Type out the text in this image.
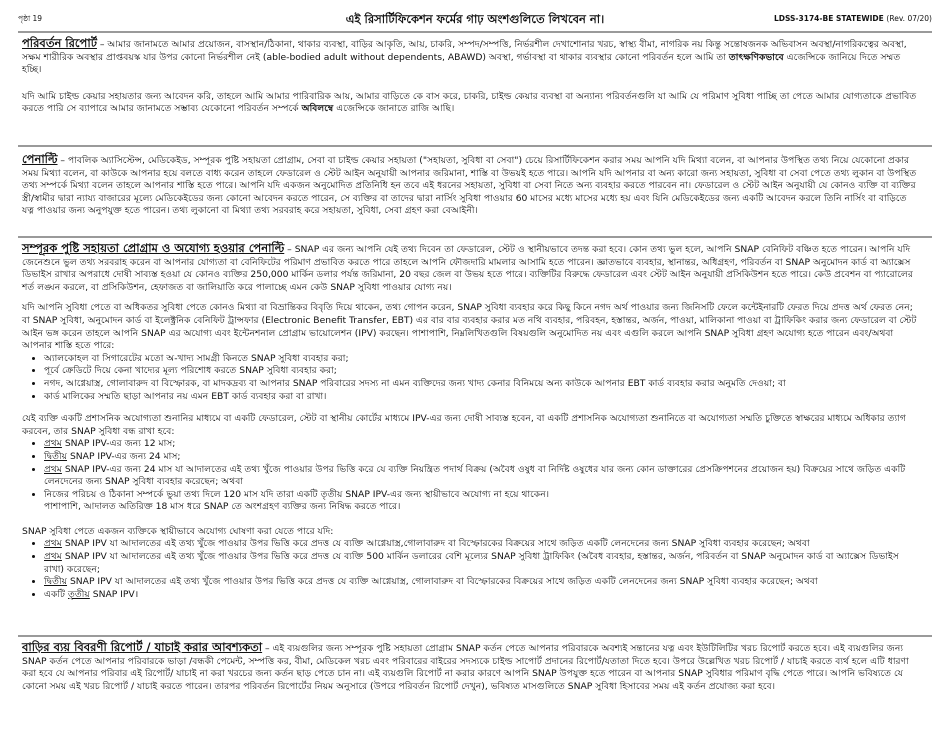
পৃষ্ঠা 19	এই রিসার্টিফিকেশন ফর্মের গাঢ় অংশগুলিতে লিখবেন না।	LDSS-3174-BE STATEWIDE (Rev. 07/20)

পরিবর্তন রিপোর্ট – আমার জানামতে আমার প্রয়োজন, বাসস্থান/ঠিকানা, থাকার ব্যবস্থা, বাড়ির আকৃতি, আয়, চাকরি, সম্পদ/সম্পত্তি, নির্ভরশীল দেখাশোনার খরচ, স্বাস্থ্য বীমা, নাগরিক নয় কিন্তু সন্তোষজনক অভিবাসন অবস্থা/নাগরিকত্বের অবস্থা, সক্ষম শারীরিক অবস্থার প্রাপ্তবয়স্ক যার উপর কোনো নির্ভরশীল নেই (able-bodied adult without dependents, ABAWD) অবস্থা, গর্ভাবস্থা বা থাকার ব্যবস্থার কোনো পরিবর্তন হলে আমি তা তাৎক্ষণিকভাবে এজেন্সিকে জানিয়ে দিতে সম্মত হচ্ছি।

যদি আমি চাইল্ড কেয়ার সহায়তার জন্য আবেদন করি, তাহলে আমি আমার পারিবারিক আয়, আমার বাড়িতে কে বাস করে, চাকরি, চাইল্ড কেয়ার ব্যবস্থা বা অন্যান্য পরিবর্তনগুলি যা আমি যে পরিমাণ সুবিধা পাচ্ছি তা পেতে আমার যোগ্যতাকে প্রভাবিত করতে পারি সে ব্যাপারে আমার জানামতে সম্ভাব্য যেকোনো পরিবর্তন সম্পর্কে অবিলম্বে এজেন্সিকে জানাতে রাজি আছি।

পেনাল্টি – পাবলিক অ্যাসিস্টেন্স, মেডিকেইড, সম্পূরক পুষ্টি সহায়তা প্রোগ্রাম, সেবা বা চাইল্ড কেয়ার সহায়তা ("সহায়তা, সুবিধা বা সেবা") চেয়ে রিসার্টিফিকেশন করার সময় আপনি যদি মিথ্যা বলেন, বা আপনার উপস্থিত তথ্য নিয়ে যেকোনো প্রকার সময় মিথ্যা বলেন, বা কাউকে আপনার হয়ে বলতে বাধ্য করেন তাহলে ফেডারেল ও স্টেট আইন অনুযায়ী আপনার জরিমানা, শাস্তি বা উভয়ই হতে পারে। আপনি যদি আপনার বা অন্য কারো জন্য সহায়তা, সুবিধা বা সেবা পেতে তথ্য লুকান বা উপস্থিত তথ্য সম্পর্কে মিথ্যা বলেন তাহলে আপনার শাস্তি হতে পারে। আপনি যদি একজন অনুমোদিত প্রতিনিধি হন তবে এই ধরনের সহায়তা, সুবিধা বা সেবা নিতে অন্য ব্যবহার করতে পারবেন না। ফেডারেল ও স্টেট আইন অনুযায়ী যে কোনও ব্যক্তি বা ব্যক্তির স্ত্রী/স্বামীর দ্বারা ন্যায্য বাজারের মূল্যে মেডিকেইডের জন্য কোনো আবেদন করতে পারেন, সে ব্যক্তির বা তাদের দ্বারা নার্সিং সুবিধা পাওয়ার 60 মাসের মধ্যে মাসের মধ্যে হয় এবং যিনি মেডিকেইডের জন্য একটি আবেদন করলে তিনি নার্সিং বা বাড়িতে যত্ন পাওয়ার জন্য অনুপযুক্ত হতে পারেন। তথ্য লুকানো বা মিথ্যা তথ্য সরবরাহ করে সহায়তা, সুবিধা, সেবা গ্রহণ করা বেআইনী।

সম্পূরক পুষ্টি সহায়তা প্রোগ্রাম ও অযোগ্য হওয়ার পেনাল্টি – SNAP এর জন্য আপনি যেই তথ্য দিবেন তা ফেডারেল, স্টেট ও স্থানীয়ভাবে তদন্ত করা হবে। কোন তথ্য ভুল হলে, আপনি SNAP বেনিফিট বঞ্চিত হতে পারেন। আপনি যদি জেনেশুনে ভুল তথ্য সরবরাহ করেন বা আপনার যোগ্যতা বা বেনিফিটের পরিমাণ প্রভাবিত করতে পারে তাহলে আপনি ফৌজদারি মামলার আসামি হতে পারেন। জ্ঞাতভাবে ব্যবহার, স্থানান্তর, অধিগ্রহণ, পরিবর্তন বা SNAP অনুমোদন কার্ড বা অ্যাক্সেস ডিভাইস রাখার অপরাধে দোষী সাব্যস্ত হওয়া যে কোনও ব্যক্তির 250,000 মার্কিন ডলার পর্যন্ত জরিমানা, 20 বছর জেল বা উভয় হতে পারে। ব্যক্তিটির বিরুদ্ধে ফেডারেল এবং স্টেট আইন অনুযায়ী প্রসিকিউশন হতে পারে। কেউ প্রবেশন বা প্যারোলের শর্ত লঙ্ঘন করলে, বা প্রসিকিউশন, হেফাজত বা জালিয়াতি করে পালাচ্ছে এমন কেউ SNAP সুবিধা পাওয়ার যোগ্য নয়।

যদি আপনি সুবিধা পেতে বা অধিকতর সুবিধা পেতে কোনও মিথ্যা বা বিভ্রান্তিকর বিবৃতি দিয়ে থাকেন, তথ্য গোপন করেন, SNAP সুবিধা ব্যবহার করে কিছু কিনে নগদ অর্থ পাওয়ার জন্য জিনিসটি ফেলে কন্টেইনারটি ফেরত দিয়ে প্রদত্ত অর্থ ফেরত নেন; বা SNAP সুবিধা, অনুমোদন কার্ড বা ইলেক্ট্রনিক বেনিফিট ট্রান্সফার (Electronic Benefit Transfer, EBT) এর বার বার ব্যবহার করার মত নথি ব্যবহার, পরিবহন, হস্তান্তর, অর্জন, পাওয়া, মালিকানা পাওয়া বা ট্রাফিকিং করার জন্য ফেডারেল বা স্টেট আইন ভঙ্গ করেন তাহলে আপনি SNAP এর অযোগ্য এবং ইন্টেনশনাল প্রোগ্রাম ভায়োলেশন (IPV) করছেন। পাশাপাশি, নিম্নলিখিতগুলি বিষয়গুলি অনুমোদিত নয় এবং এগুলি করলে আপনি SNAP সুবিধা গ্রহণ অযোগ্য হতে পারেন এবং/অথবা আপনার শাস্তি হতে পারে:

• অ্যালকোহল বা সিগারেটের মতো অ-খাদ্য সামগ্রী কিনতে SNAP সুবিধা ব্যবহার করা;
• পূর্বে ক্রেডিটে দিয়ে কেনা খাদ্যের মূল্য পরিশোধ করতে SNAP সুবিধা ব্যবহার করা;
• নগদ, আগ্নেয়াস্ত্র, গোলাবারুদ বা বিস্ফোরক, বা মাদকদ্রব্য বা আপনার SNAP পরিবারের সদস্য না এমন ব্যক্তিদের জন্য খাদ্য কেনার বিনিময়ে অন্য কাউকে আপনার EBT কার্ড ব্যবহার করার অনুমতি দেওয়া; বা
• কার্ড মালিকের সম্মতি ছাড়া আপনার নয় এমন EBT কার্ড ব্যবহার করা বা রাখা।

যেই ব্যক্তি একটি প্রশাসনিক অযোগ্যতা শুনানির মাধ্যমে বা একটি ফেডারেল, স্টেট বা স্থানীয় কোর্টের মাধ্যমে IPV-এর জন্য দোষী সাব্যস্ত হবেন, বা একটি প্রশাসনিক অযোগ্যতা শুনানিতে বা অযোগ্যতা সম্মতি চুক্তিতে স্বাক্ষরের মাধ্যমে অধিকার ত্যাগ করবেন, তার SNAP সুবিধা বন্ধ রাখা হবে:

• প্রথম SNAP IPV-এর জন্য 12 মাস;
• দ্বিতীয় SNAP IPV-এর জন্য 24 মাস;
• প্রথম SNAP IPV-এর জন্য 24 মাস যা আদালতের এই তথ্য খুঁজে পাওয়ার উপর ভিত্তি করে যে ব্যক্তি নিয়ন্ত্রিত পদার্থ বিক্রয় (অবৈধ ওষুধ বা নির্দিষ্ট ওষুধের যার জন্য কোন ডাক্তারের প্রেসক্রিপশনের প্রয়োজন হয়) বিক্রয়ের সাথে জড়িত একটি লেনদেনের জন্য SNAP সুবিধা ব্যবহার করেছেন; অথবা
• নিজের পরিচয় ও ঠিকানা সম্পর্কে ভুয়া তথ্য দিলে 120 মাস যদি তারা একটি তৃতীয় SNAP IPV-এর জন্য স্থায়ীভাবে অযোগ্য না হয়ে থাকেন।

পাশাপাশি, আদালত অতিরিক্ত 18 মাস ধরে SNAP তে অংশগ্রহণ ব্যক্তির জন্য নিষিদ্ধ করতে পারে।

SNAP সুবিধা পেতে একজন ব্যক্তিকে স্থায়ীভাবে অযোগ্য ঘোষণা করা যেতে পারে যদি:

• প্রথম SNAP IPV যা আদালতের এই তথ্য খুঁজে পাওয়ার উপর ভিত্তি করে প্রদত্ত যে ব্যক্তি আগ্নেয়াস্ত্র,গোলাবারুদ বা বিস্ফোরকের বিক্রয়ের সাথে জড়িত একটি লেনদেনের জন্য SNAP সুবিধা ব্যবহার করেছেন; অথবা
• প্রথম SNAP IPV যা আদালতের এই তথ্য খুঁজে পাওয়ার উপর ভিত্তি করে প্রদত্ত যে ব্যক্তি 500 মার্কিন ডলারের বেশি মূল্যের SNAP সুবিধা ট্রাফিকিং (অবৈধ ব্যবহার, হস্তান্তর, অর্জন, পরিবর্তন বা SNAP অনুমোদন কার্ড বা অ্যাক্সেস ডিভাইস রাখা) করেছেন;
• দ্বিতীয় SNAP IPV যা আদালতের এই তথ্য খুঁজে পাওয়ার উপর ভিত্তি করে প্রদত্ত যে ব্যক্তি আগ্নেয়াস্ত্র, গোলাবারুদ বা বিস্ফোরকের বিক্রয়ের সাথে জড়িত একটি লেনদেনের জন্য SNAP সুবিধা ব্যবহার করেছেন; অথবা
• একটি তৃতীয় SNAP IPV।

বাড়ির ব্যয় বিবরণী রিপোর্ট / যাচাই করার আবশ্যকতা – এই ব্যয়গুলির জন্য সম্পূরক পুষ্টি সহায়তা প্রোগ্রাম SNAP কর্তন পেতে আপনার পরিবারকে অবশ্যই সন্তানের যত্ন এবং ইউটিলিটির খরচ রিপোর্ট করতে হবে। এই ব্যয়গুলির জন্য SNAP কর্তন পেতে আপনার পরিবারকে ভাড়া /বন্ধকী পেমেন্ট, সম্পত্তি কর, বীমা, মেডিকেল খরচ এবং পরিবারের বাইরের সদস্যকে চাইল্ড সাপোর্ট প্রদানের রিপোর্ট/যতাতা দিতে হবে। উপরে উল্লেখিত খরচ রিপোর্ট / যাচাই করতে ব্যর্থ হলে এটি ধারণা করা হবে যে আপনার পরিবার এই রিপোর্ট/ যাচাই না করা খরচের জন্য কর্তন ছাড় পেতে চান না। এই ব্যয়গুলি রিপোর্ট না করার কারণে আপনি SNAP উপযুক্ত হতে পারেন বা আপনার SNAP সুবিধার পরিমাণ বৃদ্ধি পেতে পারে। আপনি ভবিষ্যতে যে কোনো সময় এই খরচ রিপোর্ট / যাচাই করতে পারেন। তারপর পরিবর্তন রিপোর্টের নিয়ম অনুসারে (উপরে পরিবর্তন রিপোর্ট দেখুন), ভবিষ্যত মাসগুলিতে SNAP সুবিধা হিসাবের সময় এই কর্তন প্রযোজ্য করা হবে।
